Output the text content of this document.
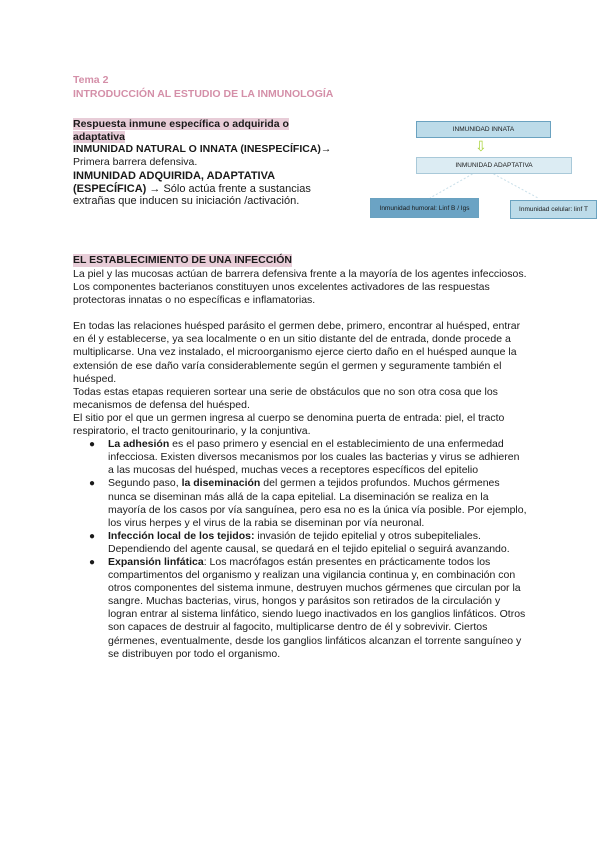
Tema 2
INTRODUCCIÓN AL ESTUDIO DE LA INMUNOLOGÍA
Respuesta inmune específica o adquirida o adaptativa
INMUNIDAD NATURAL O INNATA (INESPECÍFICA)→
Primera barrera defensiva.
INMUNIDAD ADQUIRIDA, ADAPTATIVA (ESPECÍFICA) → Sólo actúa frente a sustancias extrañas que inducen su iniciación /activación.
INMUNIDAD INNATA
⇩
INMUNIDAD ADAPTATIVA
Inmunidad humoral: Linf B / Igs	Inmunidad celular: linf T
EL ESTABLECIMIENTO DE UNA INFECCIÓN

La piel y las mucosas actúan de barrera defensiva frente a la mayoría de los agentes infecciosos.

Los componentes bacterianos constituyen unos excelentes activadores de las respuestas protectoras innatas o no específicas e inflamatorias.

En todas las relaciones huésped parásito el germen debe, primero, encontrar al huésped, entrar en él y establecerse, ya sea localmente o en un sitio distante del de entrada, donde procede a multiplicarse. Una vez instalado, el microorganismo ejerce cierto daño en el huésped aunque la extensión de ese daño varía considerablemente según el germen y seguramente también el huésped.

Todas estas etapas requieren sortear una serie de obstáculos que no son otra cosa que los mecanismos de defensa del huésped.

El sitio por el que un germen ingresa al cuerpo se denomina puerta de entrada: piel, el tracto respiratorio, el tracto genitourinario, y la conjuntiva.

● La adhesión es el paso primero y esencial en el establecimiento de una enfermedad infecciosa. Existen diversos mecanismos por los cuales las bacterias y virus se adhieren a las mucosas del huésped, muchas veces a receptores específicos del epitelio
● Segundo paso, la diseminación del germen a tejidos profundos. Muchos gérmenes nunca se diseminan más allá de la capa epitelial. La diseminación se realiza en la mayoría de los casos por vía sanguínea, pero esa no es la única vía posible. Por ejemplo, los virus herpes y el virus de la rabia se diseminan por vía neuronal.
● Infección local de los tejidos: invasión de tejido epitelial y otros subepiteliales. Dependiendo del agente causal, se quedará en el tejido epitelial o seguirá avanzando.
● Expansión linfática: Los macrófagos están presentes en prácticamente todos los compartimentos del organismo y realizan una vigilancia continua y, en combinación con otros componentes del sistema inmune, destruyen muchos gérmenes que circulan por la sangre. Muchas bacterias, virus, hongos y parásitos son retirados de la circulación y logran entrar al sistema linfático, siendo luego inactivados en los ganglios linfáticos. Otros son capaces de destruir al fagocito, multiplicarse dentro de él y sobrevivir. Ciertos gérmenes, eventualmente, desde los ganglios linfáticos alcanzan el torrente sanguíneo y se distribuyen por todo el organismo.
